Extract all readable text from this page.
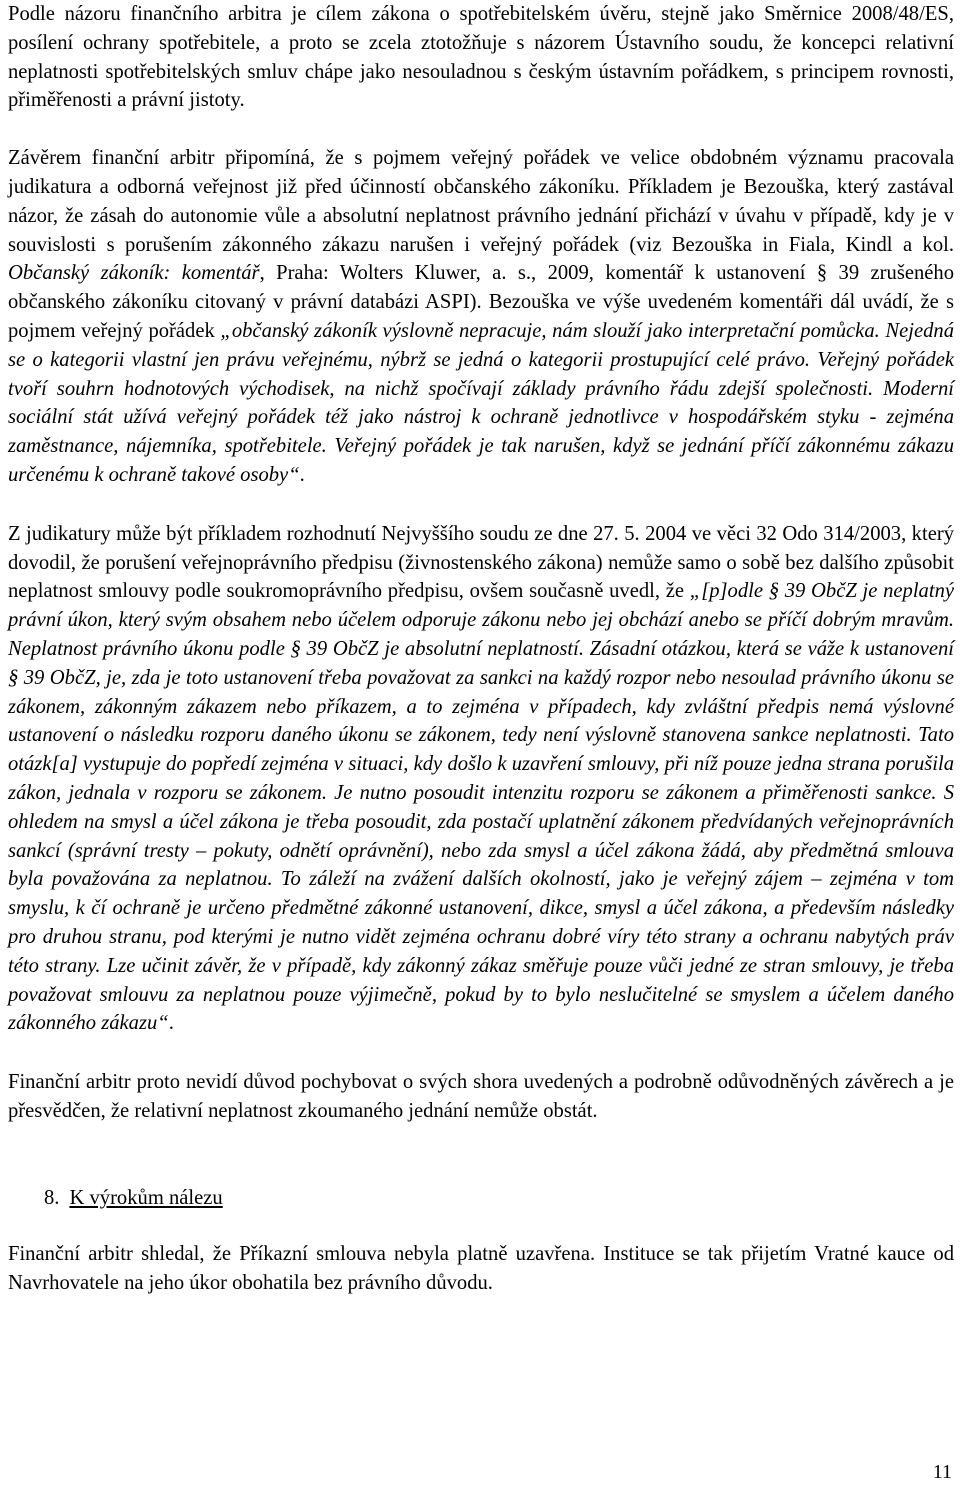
Podle názoru finančního arbitra je cílem zákona o spotřebitelském úvěru, stejně jako Směrnice 2008/48/ES, posílení ochrany spotřebitele, a proto se zcela ztotožňuje s názorem Ústavního soudu, že koncepci relativní neplatnosti spotřebitelských smluv chápe jako nesouladnou s českým ústavním pořádkem, s principem rovnosti, přiměřenosti a právní jistoty.

Závěrem finanční arbitr připomíná, že s pojmem veřejný pořádek ve velice obdobném významu pracovala judikatura a odborná veřejnost již před účinností občanského zákoníku. Příkladem je Bezouška, který zastával názor, že zásah do autonomie vůle a absolutní neplatnost právního jednání přichází v úvahu v případě, kdy je v souvislosti s porušením zákonného zákazu narušen i veřejný pořádek (viz Bezouška in Fiala, Kindl a kol. Občanský zákoník: komentář, Praha: Wolters Kluwer, a. s., 2009, komentář k ustanovení § 39 zrušeného občanského zákoníku citovaný v právní databázi ASPI). Bezouška ve výše uvedeném komentáři dál uvádí, že s pojmem veřejný pořádek „občanský zákoník výslovně nepracuje, nám slouží jako interpretační pomůcka. Nejedná se o kategorii vlastní jen právu veřejnému, nýbrž se jedná o kategorii prostupující celé právo. Veřejný pořádek tvoří souhrn hodnotových východisek, na nichž spočívají základy právního řádu zdejší společnosti. Moderní sociální stát užívá veřejný pořádek též jako nástroj k ochraně jednotlivce v hospodářském styku - zejména zaměstnance, nájemníka, spotřebitele. Veřejný pořádek je tak narušen, když se jednání příčí zákonnému zákazu určenému k ochraně takové osoby“.

Z judikatury může být příkladem rozhodnutí Nejvyššího soudu ze dne 27. 5. 2004 ve věci 32 Odo 314/2003, který dovodil, že porušení veřejnoprávního předpisu (živnostenského zákona) nemůže samo o sobě bez dalšího způsobit neplatnost smlouvy podle soukromoprávního předpisu, ovšem současně uvedl, že „[p]odle § 39 ObčZ je neplatný právní úkon, který svým obsahem nebo účelem odporuje zákonu nebo jej obchází anebo se příčí dobrým mravům. Neplatnost právního úkonu podle § 39 ObčZ je absolutní neplatností. Zásadní otázkou, která se váže k ustanovení § 39 ObčZ, je, zda je toto ustanovení třeba považovat za sankci na každý rozpor nebo nesoulad právního úkonu se zákonem, zákonným zákazem nebo příkazem, a to zejména v případech, kdy zvláštní předpis nemá výslovné ustanovení o následku rozporu daného úkonu se zákonem, tedy není výslovně stanovena sankce neplatnosti. Tato otázk[a] vystupuje do popředí zejména v situaci, kdy došlo k uzavření smlouvy, při níž pouze jedna strana porušila zákon, jednala v rozporu se zákonem. Je nutno posoudit intenzitu rozporu se zákonem a přiměřenosti sankce. S ohledem na smysl a účel zákona je třeba posoudit, zda postačí uplatnění zákonem předvídaných veřejnoprávních sankcí (správní tresty – pokuty, odnětí oprávnění), nebo zda smysl a účel zákona žádá, aby předmětná smlouva byla považována za neplatnou. To záleží na zvážení dalších okolností, jako je veřejný zájem – zejména v tom smyslu, k čí ochraně je určeno předmětné zákonné ustanovení, dikce, smysl a účel zákona, a především následky pro druhou stranu, pod kterými je nutno vidět zejména ochranu dobré víry této strany a ochranu nabytých práv této strany. Lze učinit závěr, že v případě, kdy zákonný zákaz směřuje pouze vůči jedné ze stran smlouvy, je třeba považovat smlouvu za neplatnou pouze výjimečně, pokud by to bylo neslučitelné se smyslem a účelem daného zákonného zákazu“.

Finanční arbitr proto nevidí důvod pochybovat o svých shora uvedených a podrobně odůvodněných závěrech a je přesvědčen, že relativní neplatnost zkoumaného jednání nemůže obstát.

8. K výrokům nálezu

Finanční arbitr shledal, že Příkazní smlouva nebyla platně uzavřena. Instituce se tak přijetím Vratné kauce od Navrhovatele na jeho úkor obohatila bez právního důvodu.

11
